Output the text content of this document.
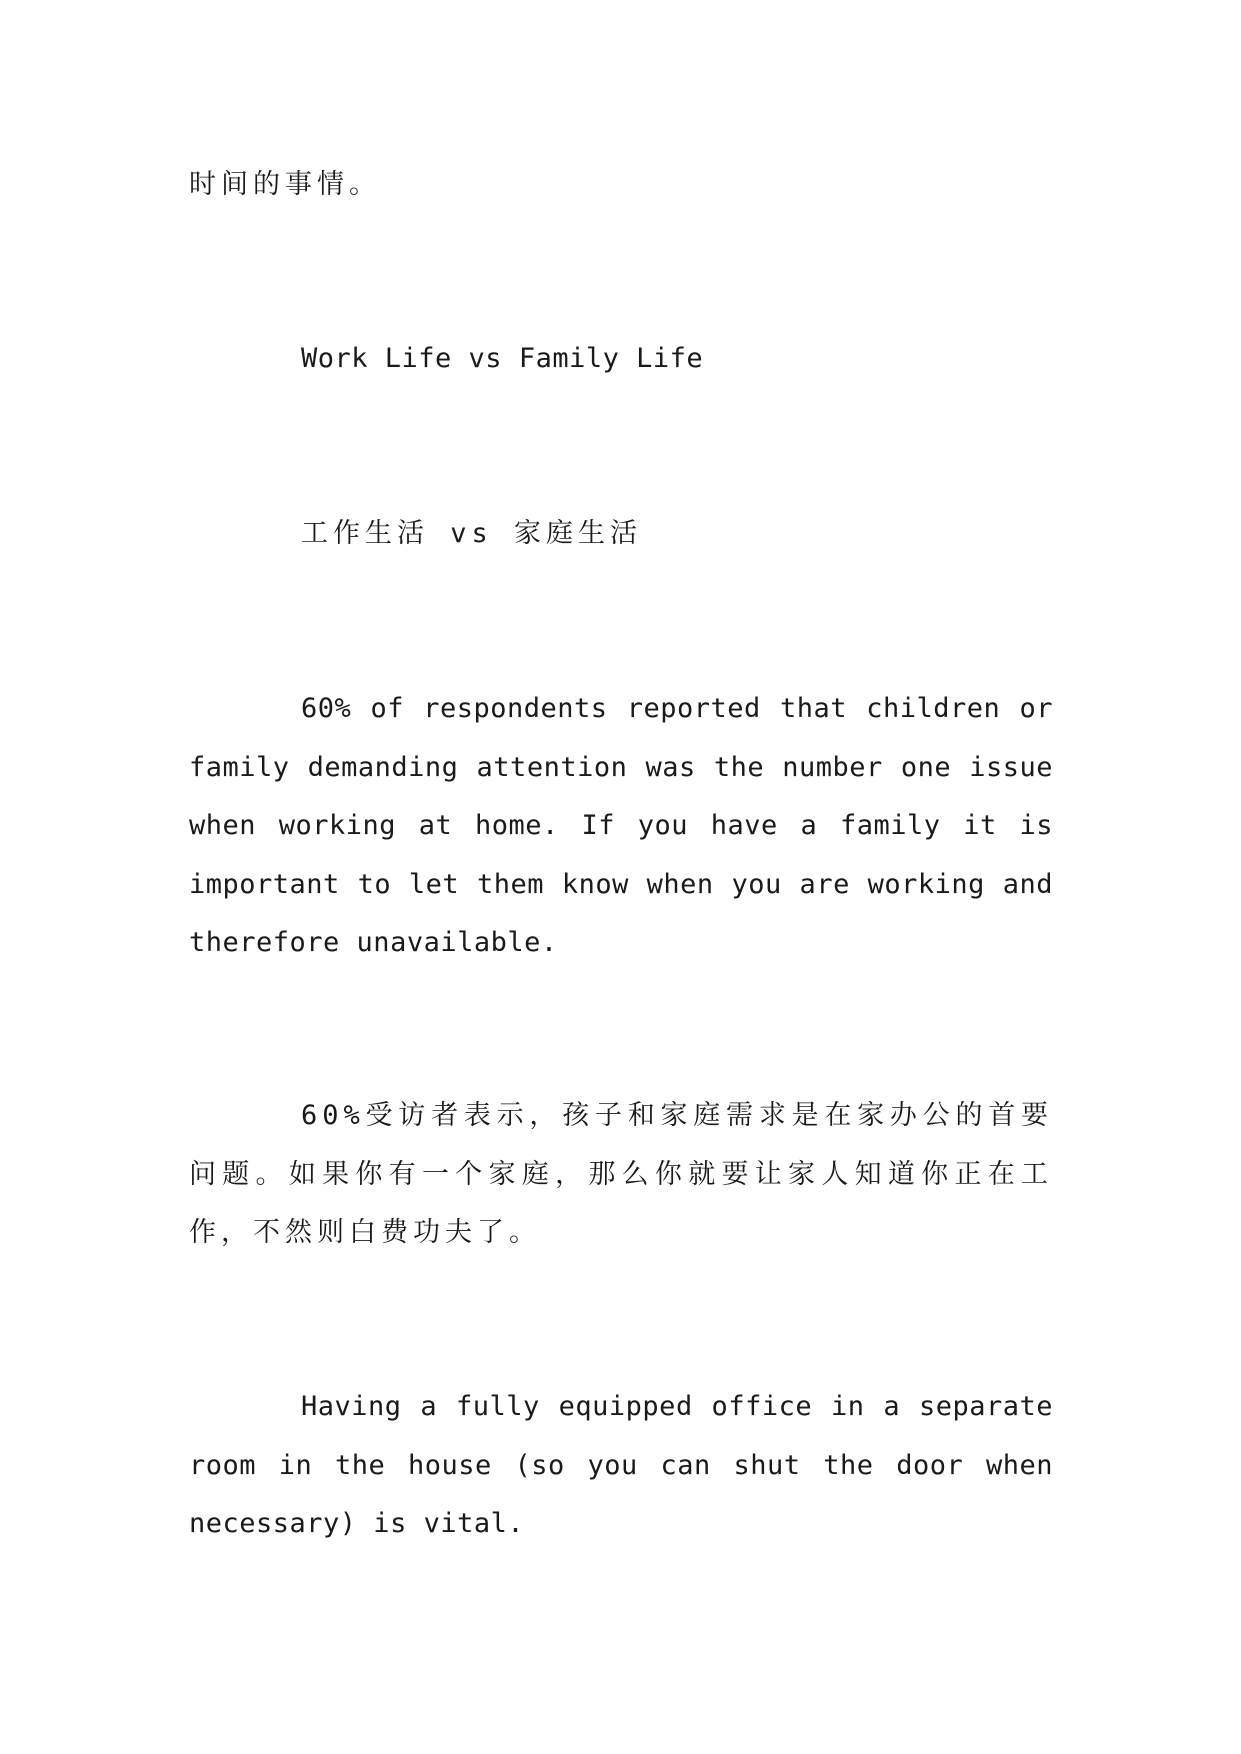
时间的事情。

Work Life vs Family Life

工作生活 vs 家庭生活

60% of respondents reported that children or family demanding attention was the number one issue when working at home. If you have a family it is important to let them know when you are working and therefore unavailable.

60%受访者表示，孩子和家庭需求是在家办公的首要问题。如果你有一个家庭，那么你就要让家人知道你正在工作，不然则白费功夫了。

Having a fully equipped office in a separate room in the house (so you can shut the door when necessary) is vital.
